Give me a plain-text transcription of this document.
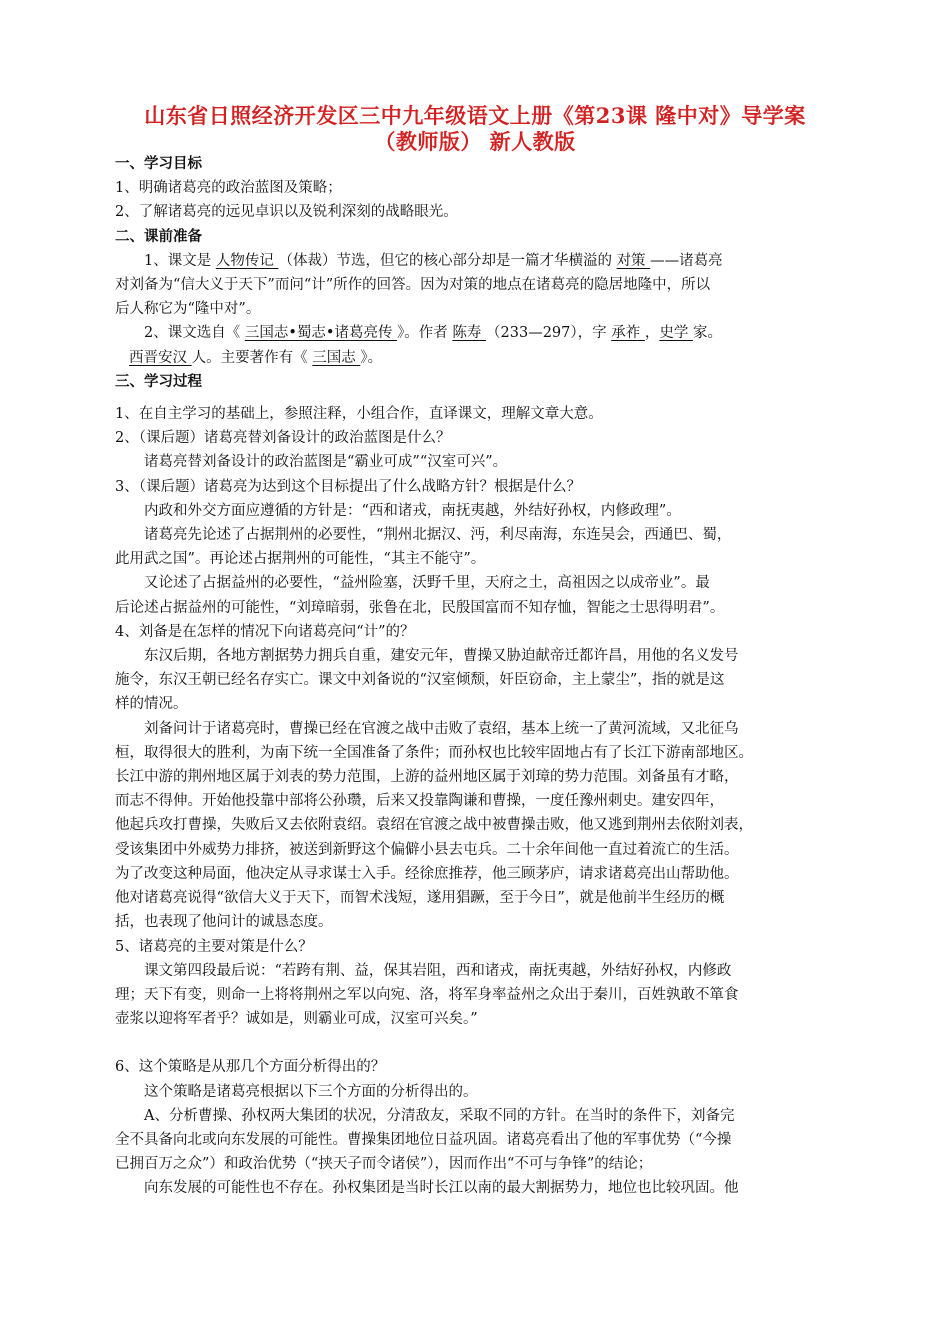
山东省日照经济开发区三中九年级语文上册《第23课 隆中对》导学案
（教师版） 新人教版
一、学习目标
1、明确诸葛亮的政治蓝图及策略；
2、了解诸葛亮的远见卓识以及锐利深刻的战略眼光。
二、课前准备
1、课文是 人物传记 （体裁）节选，但它的核心部分却是一篇才华横溢的 对策 ——诸葛亮
对刘备为“信大义于天下”而问“计”所作的回答。因为对策的地点在诸葛亮的隐居地隆中，所以
后人称它为“隆中对”。
2、课文选自《 三国志•蜀志•诸葛亮传 》。作者 陈寿 （233—297），字 承祚 ，史学 家。
西晋安汉 人。主要著作有《 三国志 》。
三、学习过程
1、在自主学习的基础上，参照注释，小组合作，直译课文，理解文章大意。
2、（课后题）诸葛亮替刘备设计的政治蓝图是什么？
诸葛亮替刘备设计的政治蓝图是“霸业可成”“汉室可兴”。
3、（课后题）诸葛亮为达到这个目标提出了什么战略方针？根据是什么？
内政和外交方面应遵循的方针是：“西和诸戎，南抚夷越，外结好孙权，内修政理”。
诸葛亮先论述了占据荆州的必要性，“荆州北据汉、沔，利尽南海，东连吴会，西通巴、蜀，
此用武之国”。再论述占据荆州的可能性，“其主不能守”。
又论述了占据益州的必要性，“益州险塞，沃野千里，天府之土，高祖因之以成帝业”。最
后论述占据益州的可能性，“刘璋暗弱，张鲁在北，民殷国富而不知存恤，智能之士思得明君”。
4、刘备是在怎样的情况下向诸葛亮问“计”的？
东汉后期，各地方割据势力拥兵自重，建安元年，曹操又胁迫献帝迁都许昌，用他的名义发号
施令，东汉王朝已经名存实亡。课文中刘备说的“汉室倾颓，奸臣窃命，主上蒙尘”，指的就是这
样的情况。
刘备问计于诸葛亮时，曹操已经在官渡之战中击败了袁绍，基本上统一了黄河流域，又北征乌
桓，取得很大的胜利，为南下统一全国准备了条件；而孙权也比较牢固地占有了长江下游南部地区。
长江中游的荆州地区属于刘表的势力范围，上游的益州地区属于刘璋的势力范围。刘备虽有才略，
而志不得伸。开始他投靠中部将公孙瓒，后来又投靠陶谦和曹操，一度任豫州刺史。建安四年，
他起兵攻打曹操，失败后又去依附袁绍。袁绍在官渡之战中被曹操击败，他又逃到荆州去依附刘表，
受该集团中外威势力排挤，被送到新野这个偏僻小县去屯兵。二十余年间他一直过着流亡的生活。
为了改变这种局面，他决定从寻求谋士入手。经徐庶推荐，他三顾茅庐，请求诸葛亮出山帮助他。
他对诸葛亮说得“欲信大义于天下，而智术浅短，遂用猖蹶，至于今日”，就是他前半生经历的概
括，也表现了他问计的诚恳态度。
5、诸葛亮的主要对策是什么？
课文第四段最后说：“若跨有荆、益，保其岩阻，西和诸戎，南抚夷越，外结好孙权，内修政
理；天下有变，则命一上将将荆州之军以向宛、洛，将军身率益州之众出于秦川，百姓孰敢不箪食
壶浆以迎将军者乎？诚如是，则霸业可成，汉室可兴矣。”
6、这个策略是从那几个方面分析得出的？
这个策略是诸葛亮根据以下三个方面的分析得出的。
A、分析曹操、孙权两大集团的状况，分清敌友，采取不同的方针。在当时的条件下，刘备完
全不具备向北或向东发展的可能性。曹操集团地位日益巩固。诸葛亮看出了他的军事优势（“今操
已拥百万之众”）和政治优势（“挟天子而令诸侯”），因而作出“不可与争锋”的结论；
向东发展的可能性也不存在。孙权集团是当时长江以南的最大割据势力，地位也比较巩固。他
